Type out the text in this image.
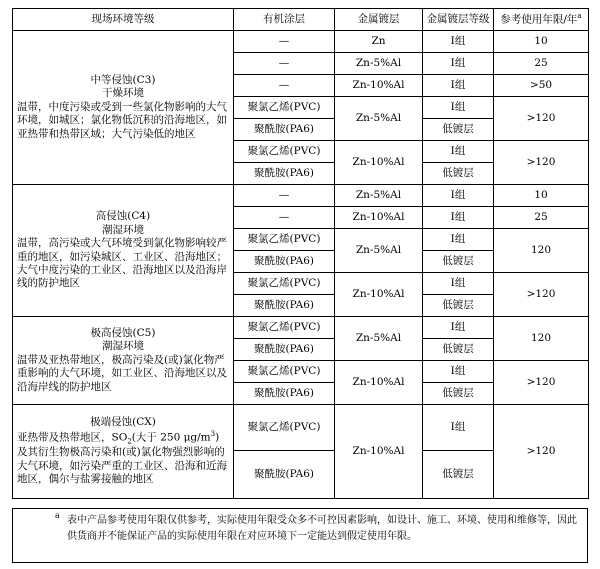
现场环境等级	有机涂层	金属镀层	金属镀层等级	参考使用年限/年$^a$

中等侵蚀(C3)
干燥环境
温带，中度污染或受到一些氯化物影响的大气环境，如城区；氯化物低沉积的沿海地区，如亚热带和热带区域；大气污染低的地区	—	Zn	Ⅰ组	10
	—	Zn-5%Al	Ⅰ组	25
	—	Zn-10%Al	Ⅰ组	>50
	聚氯乙烯(PVC)	Zn-5%Al	Ⅰ组	>120
	聚酰胺(PA6)		低镀层	
	聚氯乙烯(PVC)	Zn-10%Al	Ⅰ组	>120
	聚酰胺(PA6)		低镀层	

高侵蚀(C4)
潮湿环境
温带，高污染或大气环境受到氯化物影响较严重的地区，如污染城区、工业区、沿海地区；大气中度污染的工业区、沿海地区以及沿海岸线的防护地区	—	Zn-5%Al	Ⅰ组	10
	—	Zn-10%Al	Ⅰ组	25
	聚氯乙烯(PVC)	Zn-5%Al	Ⅰ组	120
	聚酰胺(PA6)		低镀层	
	聚氯乙烯(PVC)	Zn-10%Al	Ⅰ组	>120
	聚酰胺(PA6)		低镀层	

极高侵蚀(C5)
潮湿环境
温带及亚热带地区，极高污染及(或)氯化物严重影响的大气环境，如工业区、沿海地区以及沿海岸线的防护地区	聚氯乙烯(PVC)	Zn-5%Al	Ⅰ组	120
	聚酰胺(PA6)		低镀层	
	聚氯乙烯(PVC)	Zn-10%Al	Ⅰ组	>120
	聚酰胺(PA6)		低镀层	

极端侵蚀(CX)
亚热带及热带地区，$SO_2$(大于 250 $\mu g/m^3$)及其衍生物极高污染和(或)氯化物强烈影响的大气环境，如污染严重的工业区、沿海和近海地区，偶尔与盐雾接触的地区	聚氯乙烯(PVC)	Zn-10%Al	Ⅰ组	>120
	聚酰胺(PA6)		低镀层	
a 表中产品参考使用年限仅供参考，实际使用年限受众多不可控因素影响，如设计、施工、环境、使用和维修等，因此供货商并不能保证产品的实际使用年限在对应环境下一定能达到假定使用年限。
